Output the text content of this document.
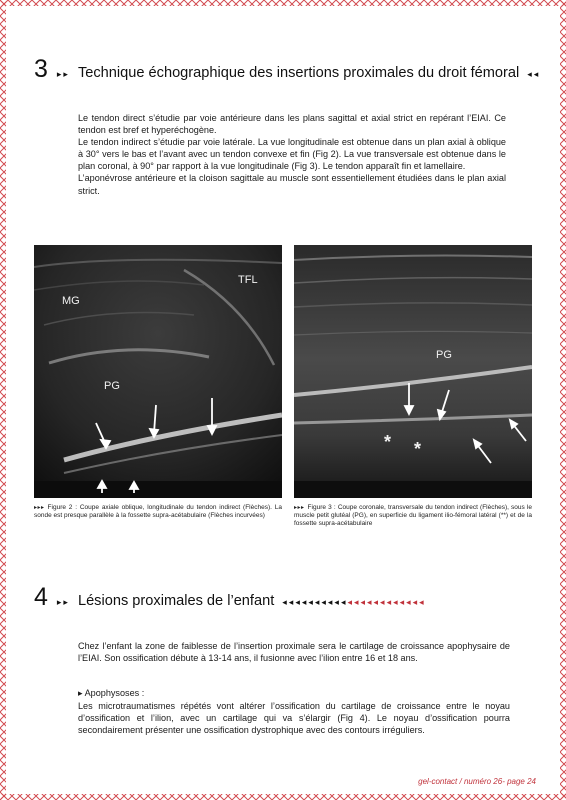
3 ▸▸ Technique échographique des insertions proximales du droit fémoral ◂◂

Le tendon direct s’étudie par voie antérieure dans les plans sagittal et axial strict en repérant l’EIAI. Ce tendon est bref et hyperéchogène.

Le tendon indirect s’étudie par voie latérale. La vue longitudinale est obtenue dans un plan axial à oblique à 30° vers le bas et l’avant avec un tendon convexe et fin (Fig 2). La vue transversale est obtenue dans le plan coronal, à 90° par rapport à la vue longitudinale (Fig 3). Le tendon apparaît fin et lamellaire.

L’aponévrose antérieure et la cloison sagittale au muscle sont essentiellement étudiées dans le plan axial strict.

MG
TFL
PG
PG
* *
▸▸▸ Figure 2 : Coupe axiale oblique, longitudinale du tendon indirect (Flèches). La sonde est presque parallèle à la fossette supra-acétabulaire (Flèches incurvées)
▸▸▸ Figure 3 : Coupe coronale, transversale du tendon indirect (Flèches), sous le muscle petit glutéal (PG), en superficie du ligament ilio-fémoral latéral (**) et de la fossette supra-acétabulaire
4 ▸▸ Lésions proximales de l’enfant ◂◂◂◂◂◂◂◂◂◂◂◂◂◂◂◂◂◂◂◂◂◂

Chez l’enfant la zone de faiblesse de l’insertion proximale sera le cartilage de croissance apophysaire de l’EIAI. Son ossification débute à 13-14 ans, il fusionne avec l’ilion entre 16 et 18 ans.

▸ Apophysoses :

Les microtraumatismes répétés vont altérer l’ossification du cartilage de croissance entre le noyau d’ossification et l’ilion, avec un cartilage qui va s’élargir (Fig 4). Le noyau d’ossification pourra secondairement présenter une ossification dystrophique avec des contours irréguliers.

gel-contact / numéro 26- page 24
